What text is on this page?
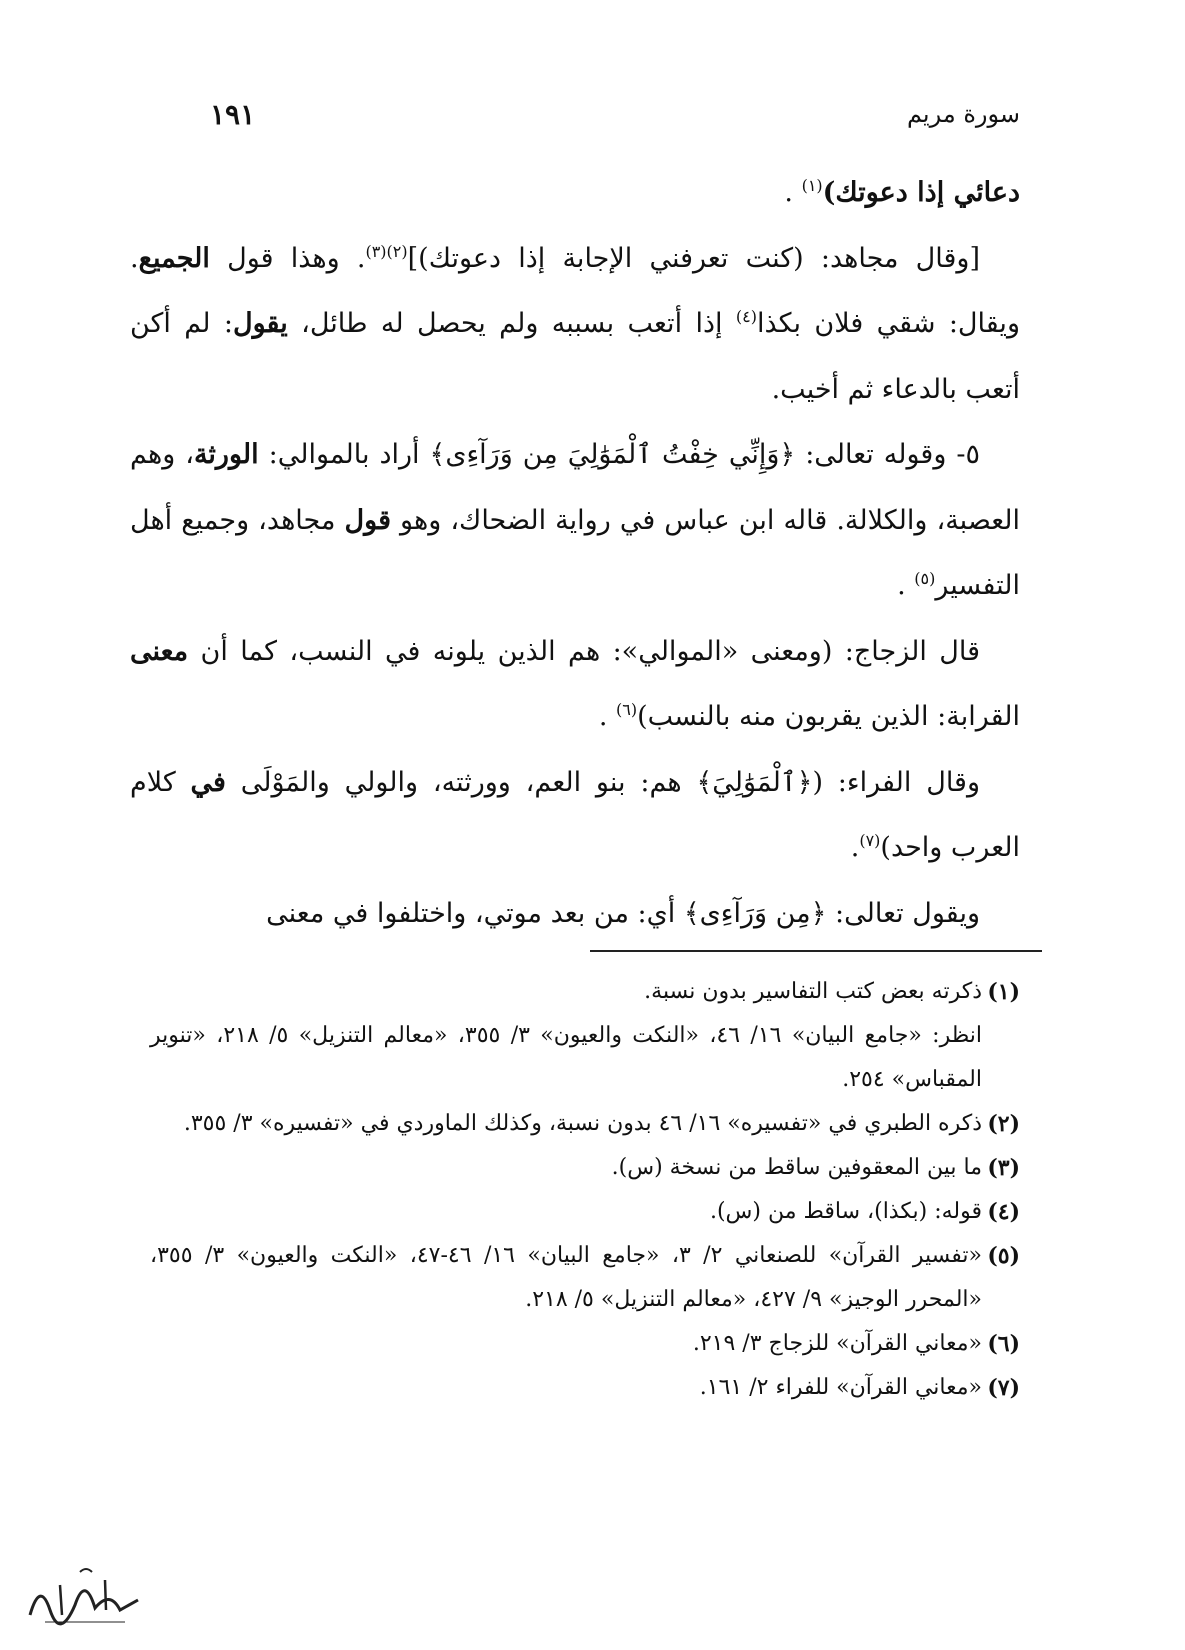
١٩١	سورة مريم

دعائي إذا دعوتك)$^{(١)}$ .

[وقال مجاهد: (كنت تعرفني الإجابة إذا دعوتك)]$^{(٢)(٣)}$. وهذا قول الجميع. ويقال: شقي فلان بكذا$^{(٤)}$ إذا أتعب بسببه ولم يحصل له طائل، يقول: لم أكن أتعب بالدعاء ثم أخيب.

٥- وقوله تعالى: ﴿وَإِنِّي خِفْتُ ٱلْمَوَٰلِيَ مِن وَرَآءِى﴾ أراد بالموالي: الورثة، وهم العصبة، والكلالة. قاله ابن عباس في رواية الضحاك، وهو قول مجاهد، وجميع أهل التفسير$^{(٥)}$ .

قال الزجاج: (ومعنى «الموالي»: هم الذين يلونه في النسب، كما أن معنى القرابة: الذين يقربون منه بالنسب)$^{(٦)}$ .

وقال الفراء: (﴿ٱلْمَوَٰلِيَ﴾ هم: بنو العم، وورثته، والولي والمَوْلَى في كلام العرب واحد)$^{(٧)}$.

ويقول تعالى: ﴿مِن وَرَآءِى﴾ أي: من بعد موتي، واختلفوا في معنى

(١)

ذكرته بعض كتب التفاسير بدون نسبة.

انظر: «جامع البيان» ١٦/ ٤٦، «النكت والعيون» ٣/ ٣٥٥، «معالم التنزيل» ٥/ ٢١٨، «تنوير المقباس» ٢٥٤.

(٢)

ذكره الطبري في «تفسيره» ١٦/ ٤٦ بدون نسبة، وكذلك الماوردي في «تفسيره» ٣/ ٣٥٥.

(٣)

ما بين المعقوفين ساقط من نسخة (س).

(٤)

قوله: (بكذا)، ساقط من (س).

(٥)

«تفسير القرآن» للصنعاني ٢/ ٣، «جامع البيان» ١٦/ ٤٦-٤٧، «النكت والعيون» ٣/ ٣٥٥، «المحرر الوجيز» ٩/ ٤٢٧، «معالم التنزيل» ٥/ ٢١٨.

(٦)

«معاني القرآن» للزجاج ٣/ ٢١٩.

(٧)

«معاني القرآن» للفراء ٢/ ١٦١.
